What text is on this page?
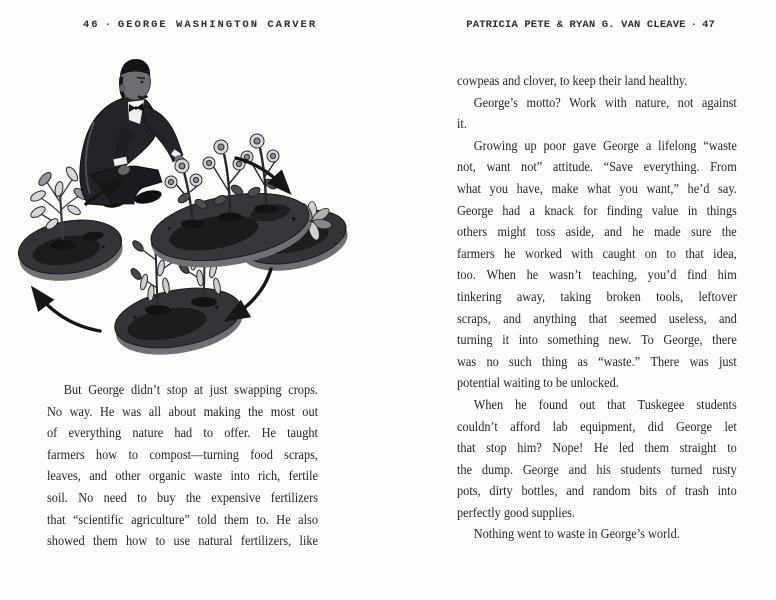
46 · GEORGE WASHINGTON CARVER
But George didn’t stop at just swapping crops.
No way. He was all about making the most out
of everything nature had to offer. He taught
farmers how to compost—turning food scraps,
leaves, and other organic waste into rich, fertile
soil. No need to buy the expensive fertilizers
that “scientific agriculture” told them to. He also
showed them how to use natural fertilizers, like
PATRICIA PETE & RYAN G. VAN CLEAVE · 47
cowpeas and clover, to keep their land healthy.
George’s motto? Work with nature, not against
it.
Growing up poor gave George a lifelong “waste
not, want not” attitude. “Save everything. From
what you have, make what you want,” he’d say.
George had a knack for finding value in things
others might toss aside, and he made sure the
farmers he worked with caught on to that idea,
too. When he wasn’t teaching, you’d find him
tinkering away, taking broken tools, leftover
scraps, and anything that seemed useless, and
turning it into something new. To George, there
was no such thing as “waste.” There was just
potential waiting to be unlocked.
When he found out that Tuskegee students
couldn’t afford lab equipment, did George let
that stop him? Nope! He led them straight to
the dump. George and his students turned rusty
pots, dirty bottles, and random bits of trash into
perfectly good supplies.
Nothing went to waste in George’s world.
